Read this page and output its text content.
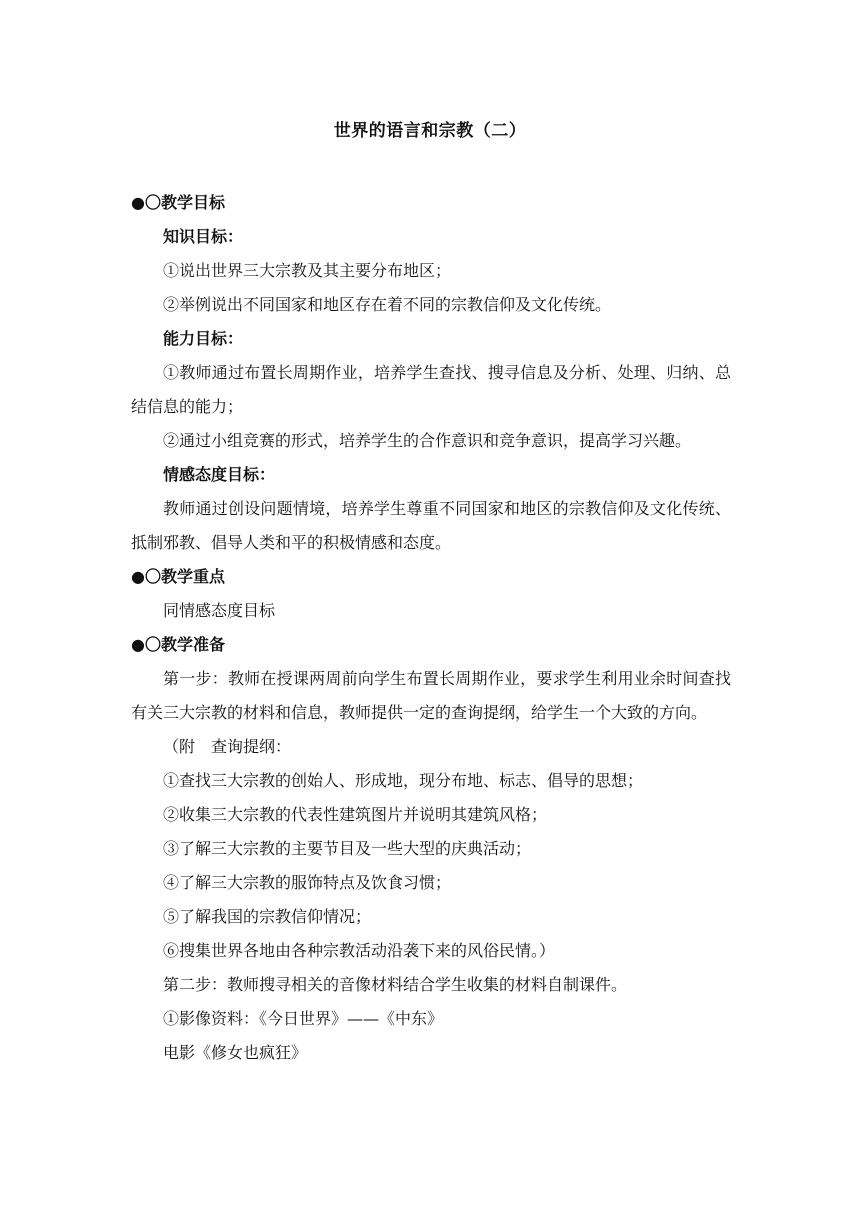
世界的语言和宗教（二）
●〇教学目标
知识目标：
①说出世界三大宗教及其主要分布地区；
②举例说出不同国家和地区存在着不同的宗教信仰及文化传统。
能力目标：
①教师通过布置长周期作业，培养学生查找、搜寻信息及分析、处理、归纳、总结信息的能力；
②通过小组竞赛的形式，培养学生的合作意识和竞争意识，提高学习兴趣。
情感态度目标：
教师通过创设问题情境，培养学生尊重不同国家和地区的宗教信仰及文化传统、抵制邪教、倡导人类和平的积极情感和态度。
●〇教学重点
同情感态度目标
●〇教学准备
第一步：教师在授课两周前向学生布置长周期作业，要求学生利用业余时间查找有关三大宗教的材料和信息，教师提供一定的查询提纲，给学生一个大致的方向。
（附　查询提纲：
①查找三大宗教的创始人、形成地，现分布地、标志、倡导的思想；
②收集三大宗教的代表性建筑图片并说明其建筑风格；
③了解三大宗教的主要节目及一些大型的庆典活动；
④了解三大宗教的服饰特点及饮食习惯；
⑤了解我国的宗教信仰情况；
⑥搜集世界各地由各种宗教活动沿袭下来的风俗民情。）
第二步：教师搜寻相关的音像材料结合学生收集的材料自制课件。
①影像资料：《今日世界》——《中东》
电影《修女也疯狂》
